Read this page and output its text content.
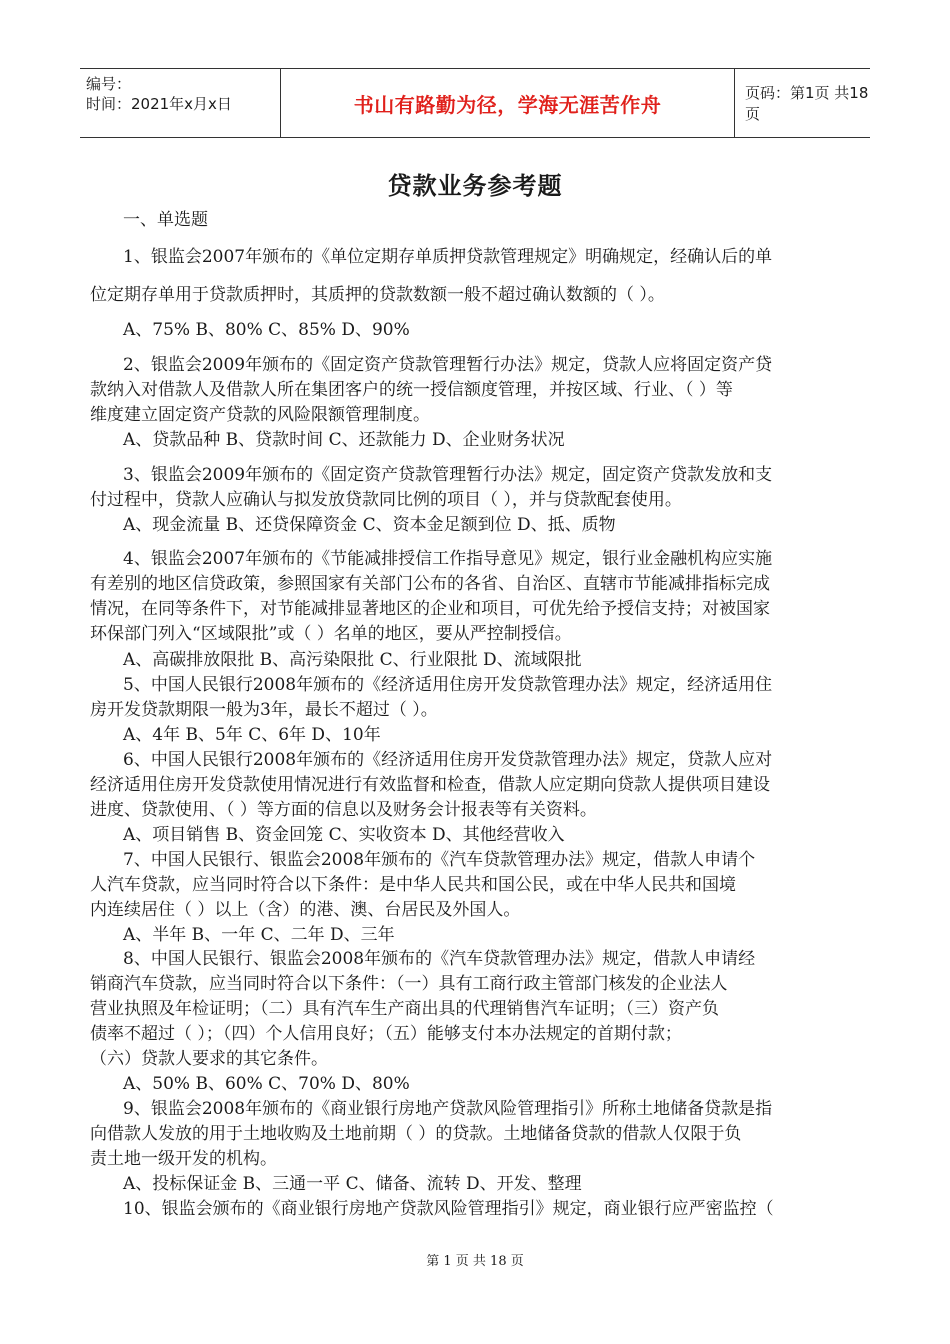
编号：
时间：2021年x月x日	书山有路勤为径，学海无涯苦作舟	页码：第1页 共18页
贷款业务参考题
一、单选题
1、银监会2007年颁布的《单位定期存单质押贷款管理规定》明确规定，经确认后的单
位定期存单用于贷款质押时，其质押的贷款数额一般不超过确认数额的（ ）。
A、75% B、80% C、85% D、90%
2、银监会2009年颁布的《固定资产贷款管理暂行办法》规定，贷款人应将固定资产贷
款纳入对借款人及借款人所在集团客户的统一授信额度管理，并按区域、行业、（ ）等
维度建立固定资产贷款的风险限额管理制度。
A、贷款品种 B、贷款时间 C、还款能力 D、企业财务状况
3、银监会2009年颁布的《固定资产贷款管理暂行办法》规定，固定资产贷款发放和支
付过程中，贷款人应确认与拟发放贷款同比例的项目（ ），并与贷款配套使用。
A、现金流量 B、还贷保障资金 C、资本金足额到位 D、抵、质物
4、银监会2007年颁布的《节能减排授信工作指导意见》规定，银行业金融机构应实施
有差别的地区信贷政策，参照国家有关部门公布的各省、自治区、直辖市节能减排指标完成
情况，在同等条件下，对节能减排显著地区的企业和项目，可优先给予授信支持；对被国家
环保部门列入“区域限批”或（ ）名单的地区，要从严控制授信。
A、高碳排放限批 B、高污染限批 C、行业限批 D、流域限批
5、中国人民银行2008年颁布的《经济适用住房开发贷款管理办法》规定，经济适用住
房开发贷款期限一般为3年，最长不超过（ ）。
A、4年 B、5年 C、6年 D、10年
6、中国人民银行2008年颁布的《经济适用住房开发贷款管理办法》规定，贷款人应对
经济适用住房开发贷款使用情况进行有效监督和检查，借款人应定期向贷款人提供项目建设
进度、贷款使用、（ ）等方面的信息以及财务会计报表等有关资料。
A、项目销售 B、资金回笼 C、实收资本 D、其他经营收入
7、中国人民银行、银监会2008年颁布的《汽车贷款管理办法》规定，借款人申请个
人汽车贷款，应当同时符合以下条件：是中华人民共和国公民，或在中华人民共和国境
内连续居住（ ）以上（含）的港、澳、台居民及外国人。
A、半年 B、一年 C、二年 D、三年
8、中国人民银行、银监会2008年颁布的《汽车贷款管理办法》规定，借款人申请经
销商汽车贷款，应当同时符合以下条件：（一）具有工商行政主管部门核发的企业法人
营业执照及年检证明；（二）具有汽车生产商出具的代理销售汽车证明；（三）资产负
债率不超过（ ）；（四）个人信用良好；（五）能够支付本办法规定的首期付款；
（六）贷款人要求的其它条件。
A、50% B、60% C、70% D、80%
9、银监会2008年颁布的《商业银行房地产贷款风险管理指引》所称土地储备贷款是指
向借款人发放的用于土地收购及土地前期（ ）的贷款。土地储备贷款的借款人仅限于负
责土地一级开发的机构。
A、投标保证金 B、三通一平 C、储备、流转 D、开发、整理
10、银监会颁布的《商业银行房地产贷款风险管理指引》规定，商业银行应严密监控（
第 1 页 共 18 页
